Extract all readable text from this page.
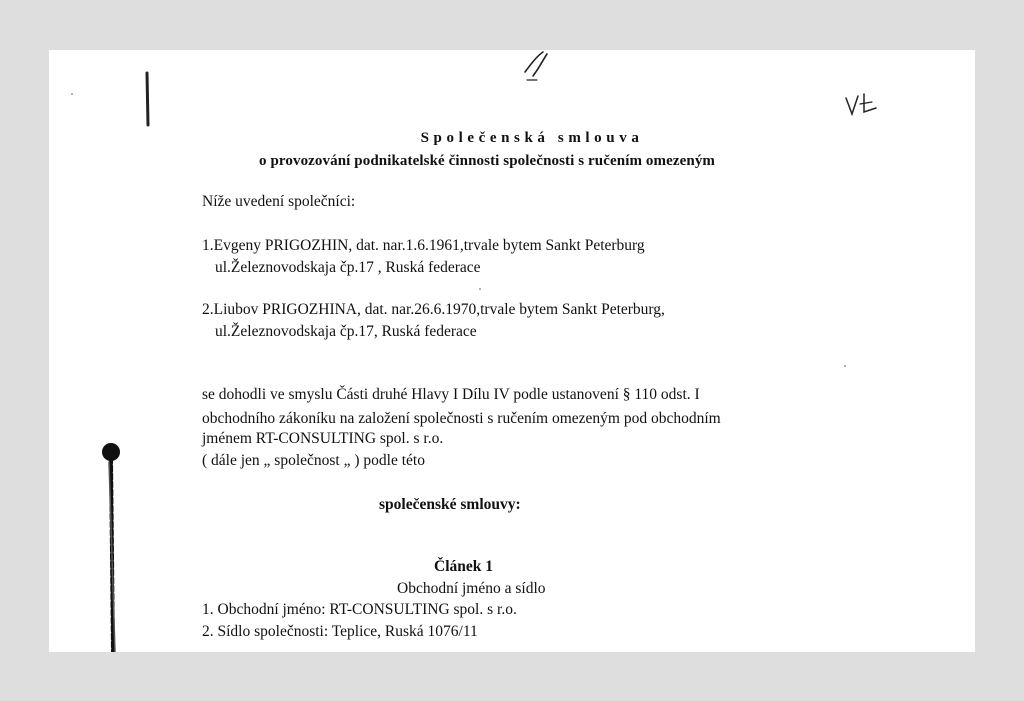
Společenská smlouva
o provozování podnikatelské činnosti společnosti s ručením omezeným
Níže uvedení společníci:
1.Evgeny PRIGOZHIN, dat. nar.1.6.1961,trvale bytem Sankt Peterburg
ul.Železnovodskaja čp.17 , Ruská federace
2.Liubov PRIGOZHINA, dat. nar.26.6.1970,trvale bytem Sankt Peterburg,
ul.Železnovodskaja čp.17, Ruská federace
se dohodli ve smyslu Části druhé Hlavy I Dílu IV podle ustanovení § 110 odst. I
obchodního zákoníku na založení společnosti s ručením omezeným pod obchodním
jménem RT-CONSULTING spol. s r.o.
( dále jen „ společnost „ ) podle této
společenské smlouvy:
Článek 1
Obchodní jméno a sídlo
1. Obchodní jméno: RT-CONSULTING spol. s r.o.
2. Sídlo společnosti: Teplice, Ruská 1076/11
